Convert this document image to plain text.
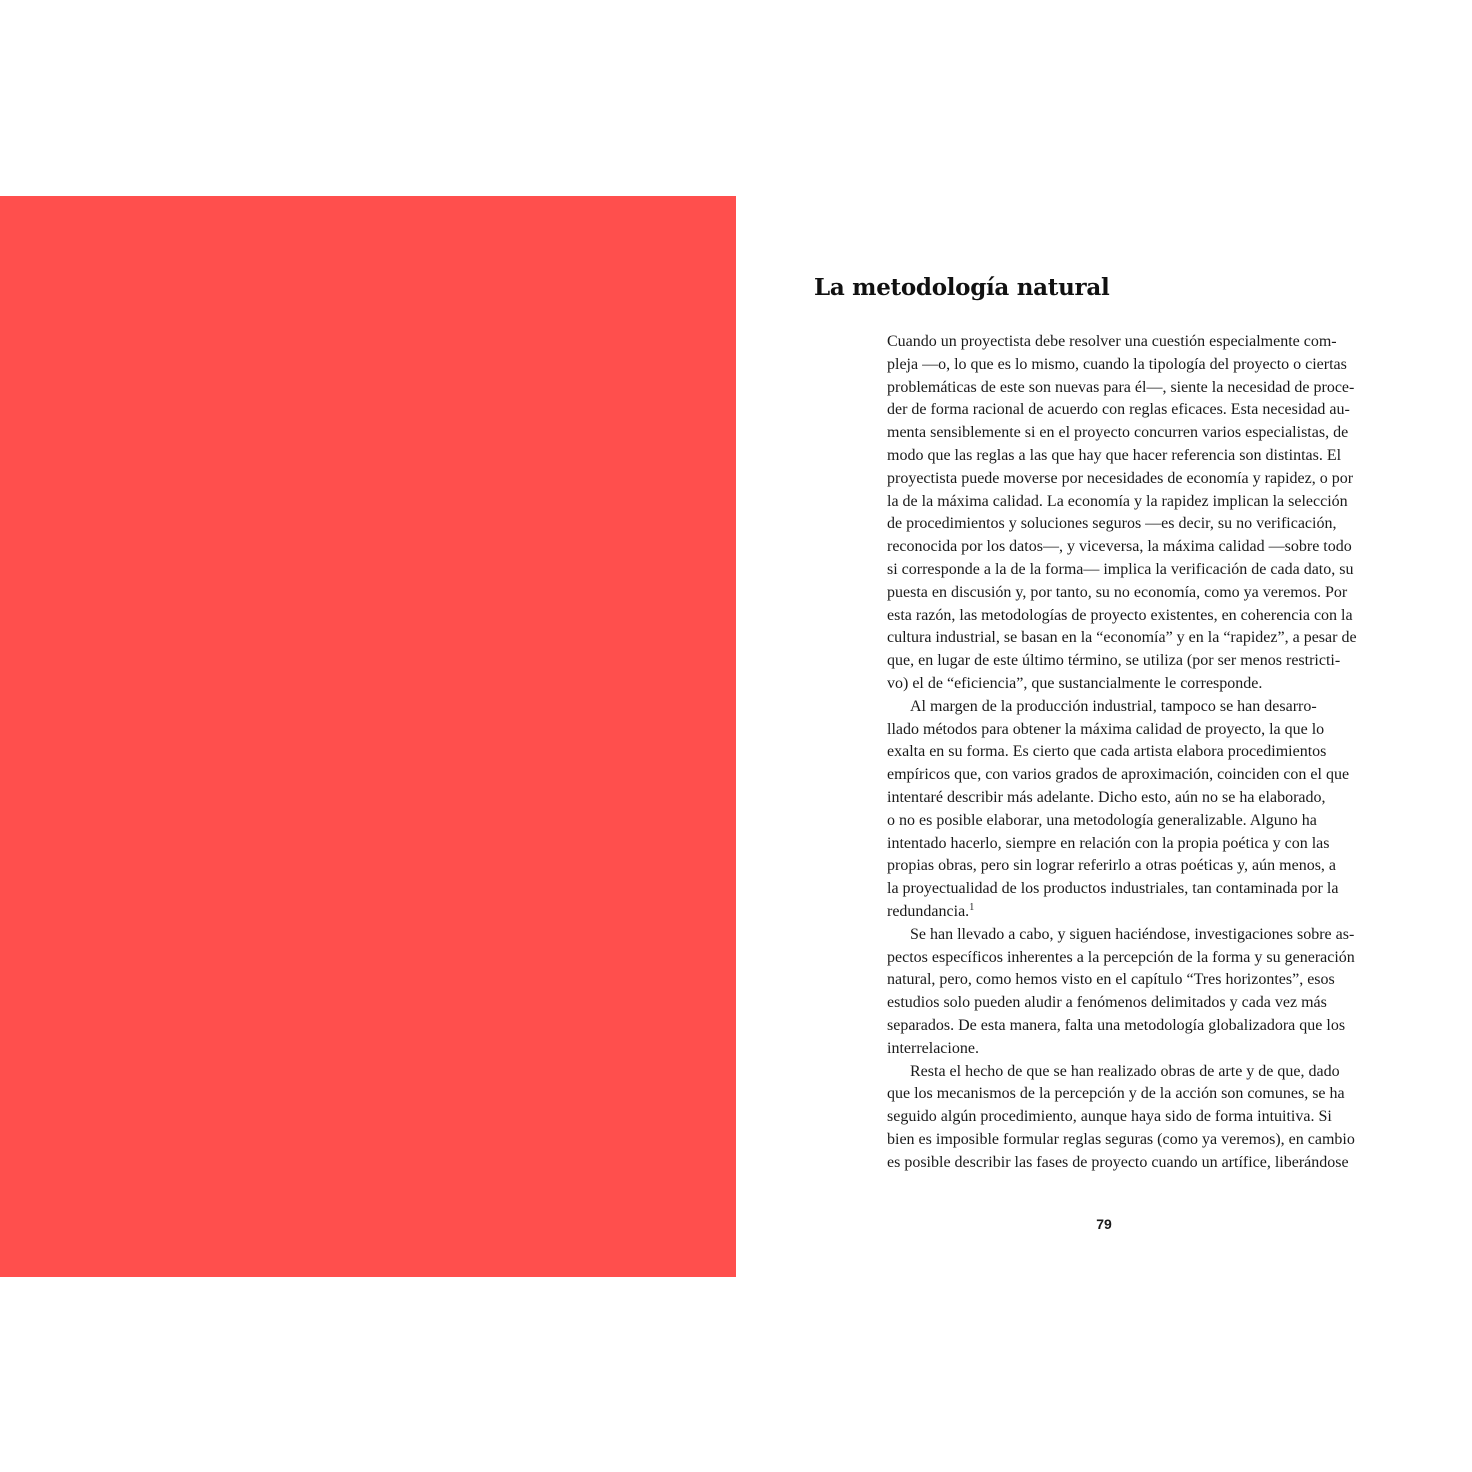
La metodología natural
Cuando un proyectista debe resolver una cuestión especialmente com-
pleja —o, lo que es lo mismo, cuando la tipología del proyecto o ciertas
problemáticas de este son nuevas para él—, siente la necesidad de proce-
der de forma racional de acuerdo con reglas eficaces. Esta necesidad au-
menta sensiblemente si en el proyecto concurren varios especialistas, de
modo que las reglas a las que hay que hacer referencia son distintas. El
proyectista puede moverse por necesidades de economía y rapidez, o por
la de la máxima calidad. La economía y la rapidez implican la selección
de procedimientos y soluciones seguros —es decir, su no verificación,
reconocida por los datos—, y viceversa, la máxima calidad —sobre todo
si corresponde a la de la forma— implica la verificación de cada dato, su
puesta en discusión y, por tanto, su no economía, como ya veremos. Por
esta razón, las metodologías de proyecto existentes, en coherencia con la
cultura industrial, se basan en la “economía” y en la “rapidez”, a pesar de
que, en lugar de este último término, se utiliza (por ser menos restricti-
vo) el de “eficiencia”, que sustancialmente le corresponde.
Al margen de la producción industrial, tampoco se han desarro-
llado métodos para obtener la máxima calidad de proyecto, la que lo
exalta en su forma. Es cierto que cada artista elabora procedimientos
empíricos que, con varios grados de aproximación, coinciden con el que
intentaré describir más adelante. Dicho esto, aún no se ha elaborado,
o no es posible elaborar, una metodología generalizable. Alguno ha
intentado hacerlo, siempre en relación con la propia poética y con las
propias obras, pero sin lograr referirlo a otras poéticas y, aún menos, a
la proyectualidad de los productos industriales, tan contaminada por la
redundancia.$^1$
Se han llevado a cabo, y siguen haciéndose, investigaciones sobre as-
pectos específicos inherentes a la percepción de la forma y su generación
natural, pero, como hemos visto en el capítulo “Tres horizontes”, esos
estudios solo pueden aludir a fenómenos delimitados y cada vez más
separados. De esta manera, falta una metodología globalizadora que los
interrelacione.
Resta el hecho de que se han realizado obras de arte y de que, dado
que los mecanismos de la percepción y de la acción son comunes, se ha
seguido algún procedimiento, aunque haya sido de forma intuitiva. Si
bien es imposible formular reglas seguras (como ya veremos), en cambio
es posible describir las fases de proyecto cuando un artífice, liberándose
79
